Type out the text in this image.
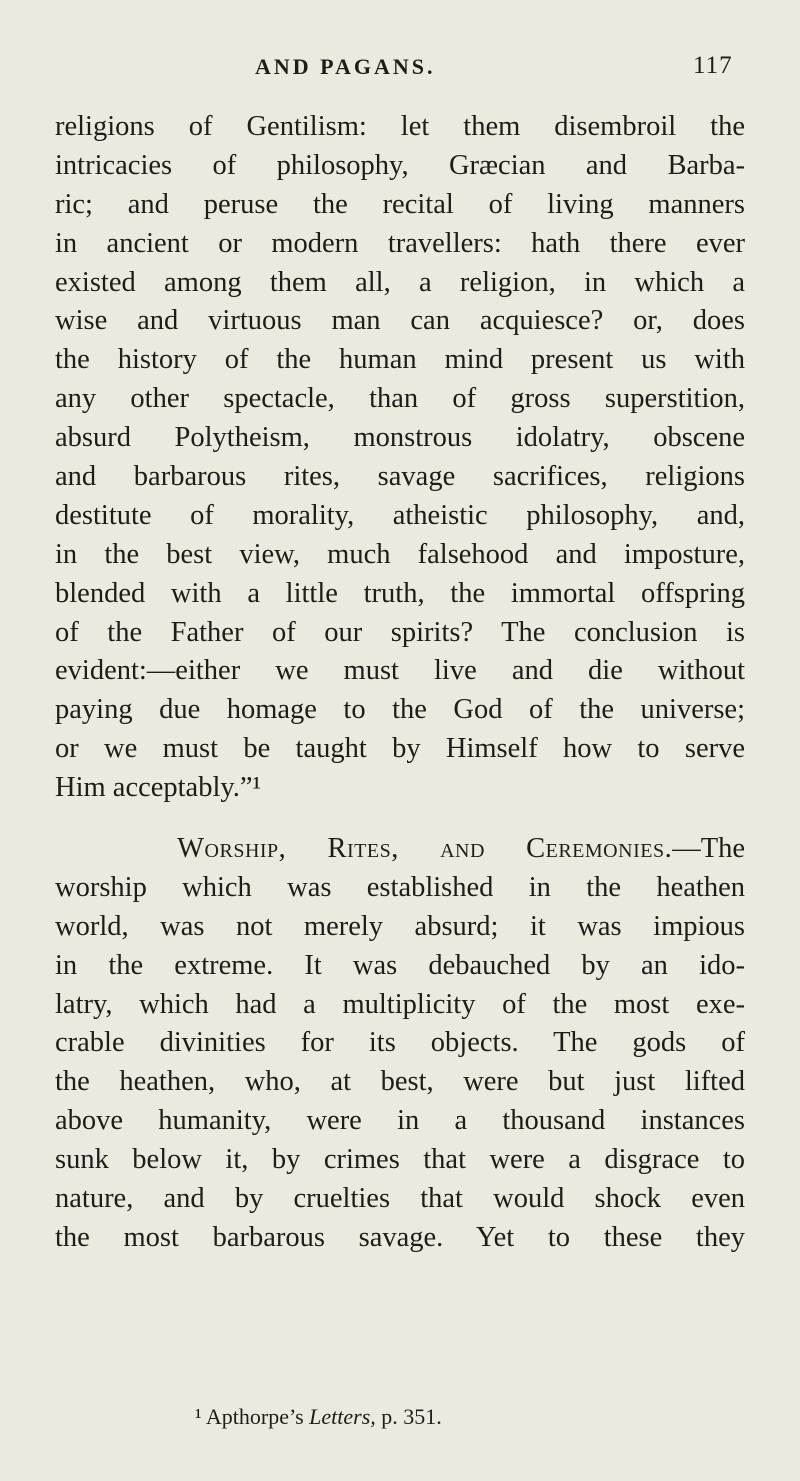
AND PAGANS.	117
religions of Gentilism: let them disembroil the
intricacies of philosophy, Græcian and Barba-
ric; and peruse the recital of living manners
in ancient or modern travellers: hath there ever
existed among them all, a religion, in which a
wise and virtuous man can acquiesce? or, does
the history of the human mind present us with
any other spectacle, than of gross superstition,
absurd Polytheism, monstrous idolatry, obscene
and barbarous rites, savage sacrifices, religions
destitute of morality, atheistic philosophy, and,
in the best view, much falsehood and imposture,
blended with a little truth, the immortal offspring
of the Father of our spirits? The conclusion is
evident:—either we must live and die without
paying due homage to the God of the universe;
or we must be taught by Himself how to serve
Him acceptably.”¹
Worship, Rites, and Ceremonies.—The
worship which was established in the heathen
world, was not merely absurd; it was impious
in the extreme. It was debauched by an ido-
latry, which had a multiplicity of the most exe-
crable divinities for its objects. The gods of
the heathen, who, at best, were but just lifted
above humanity, were in a thousand instances
sunk below it, by crimes that were a disgrace to
nature, and by cruelties that would shock even
the most barbarous savage. Yet to these they
¹ Apthorpe’s Letters, p. 351.
